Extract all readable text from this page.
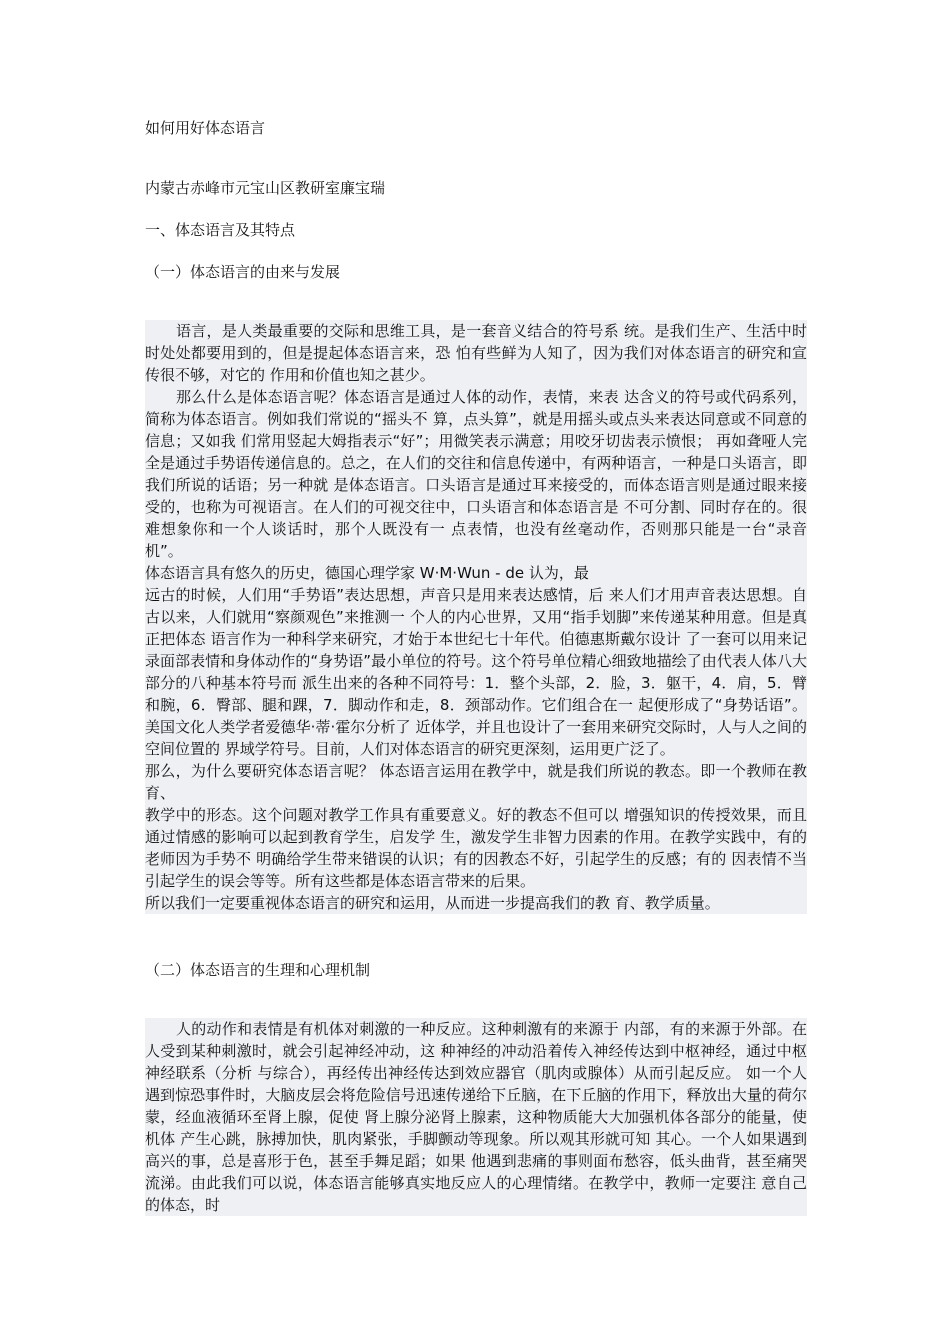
如何用好体态语言
内蒙古赤峰市元宝山区教研室廉宝瑞
一、体态语言及其特点
（一）体态语言的由来与发展

语言，是人类最重要的交际和思维工具，是一套音义结合的符号系 统。是我们生产、生活中时时处处都要用到的，但是提起体态语言来，恐 怕有些鲜为人知了，因为我们对体态语言的研究和宣传很不够，对它的 作用和价值也知之甚少。

那么什么是体态语言呢？体态语言是通过人体的动作，表情，来表 达含义的符号或代码系列，简称为体态语言。例如我们常说的“摇头不 算，点头算”，就是用摇头或点头来表达同意或不同意的信息；又如我 们常用竖起大姆指表示“好”；用微笑表示满意；用咬牙切齿表示愤恨； 再如聋哑人完全是通过手势语传递信息的。总之，在人们的交往和信息传递中，有两种语言，一种是口头语言，即我们所说的话语；另一种就 是体态语言。口头语言是通过耳来接受的，而体态语言则是通过眼来接 受的，也称为可视语言。在人们的可视交往中，口头语言和体态语言是 不可分割、同时存在的。很难想象你和一个人谈话时，那个人既没有一 点表情，也没有丝毫动作，否则那只能是一台“录音机”。

体态语言具有悠久的历史，德国心理学家 W·M·Wun - de 认为，最

远古的时候，人们用“手势语”表达思想，声音只是用来表达感情，后 来人们才用声音表达思想。自古以来，人们就用“察颜观色”来推测一 个人的内心世界，又用“指手划脚”来传递某种用意。但是真正把体态 语言作为一种科学来研究，才始于本世纪七十年代。伯德惠斯戴尔设计 了一套可以用来记录面部表情和身体动作的“身势语”最小单位的符号。这个符号单位精心细致地描绘了由代表人体八大部分的八种基本符号而 派生出来的各种不同符号：1．整个头部，2．脸，3．躯干，4．肩，5．臂 和腕，6．臀部、腿和踝，7．脚动作和走，8．颈部动作。它们组合在一 起便形成了“身势话语”。美国文化人类学者爱德华·蒂·霍尔分析了 近体学，并且也设计了一套用来研究交际时，人与人之间的空间位置的 界域学符号。目前，人们对体态语言的研究更深刻，运用更广泛了。

那么，为什么要研究体态语言呢？ 体态语言运用在教学中，就是我们所说的教态。即一个教师在教育、

教学中的形态。这个问题对教学工作具有重要意义。好的教态不但可以 增强知识的传授效果，而且通过情感的影响可以起到教育学生，启发学 生，激发学生非智力因素的作用。在教学实践中，有的老师因为手势不 明确给学生带来错误的认识；有的因教态不好，引起学生的反感；有的 因表情不当引起学生的误会等等。所有这些都是体态语言带来的后果。

所以我们一定要重视体态语言的研究和运用，从而进一步提高我们的教 育、教学质量。

（二）体态语言的生理和心理机制

人的动作和表情是有机体对刺激的一种反应。这种刺激有的来源于 内部，有的来源于外部。在人受到某种刺激时，就会引起神经冲动，这 种神经的冲动沿着传入神经传达到中枢神经，通过中枢神经联系（分析 与综合），再经传出神经传达到效应器官（肌肉或腺体）从而引起反应。 如一个人遇到惊恐事件时，大脑皮层会将危险信号迅速传递给下丘脑，在下丘脑的作用下，释放出大量的荷尔蒙，经血液循环至肾上腺，促使 肾上腺分泌肾上腺素，这种物质能大大加强机体各部分的能量，使机体 产生心跳，脉搏加快，肌肉紧张，手脚颤动等现象。所以观其形就可知 其心。一个人如果遇到高兴的事，总是喜形于色，甚至手舞足蹈；如果 他遇到悲痛的事则面布愁容，低头曲背，甚至痛哭流涕。由此我们可以说，体态语言能够真实地反应人的心理情绪。在教学中，教师一定要注 意自己的体态，时
